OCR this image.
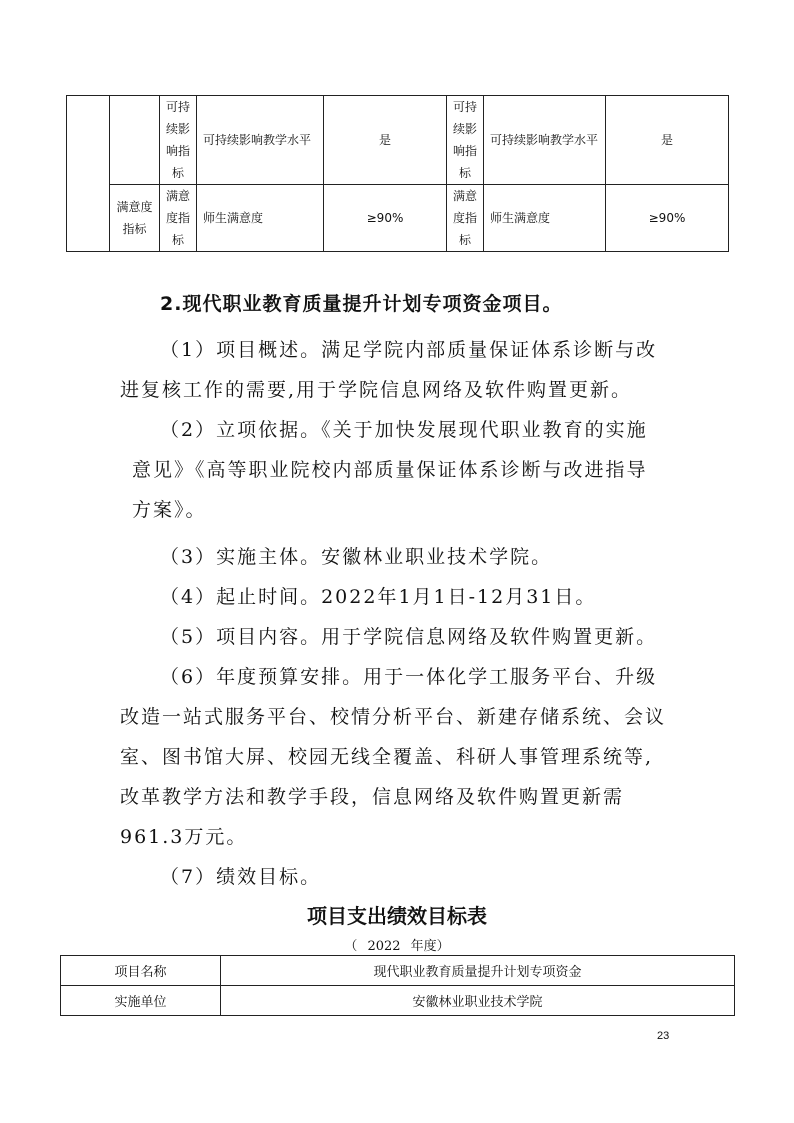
		可持续影响指标	可持续影响教学水平	是	可持续影响指标	可持续影响教学水平	是
	满意度指标	满意度指标	师生满意度	≥90%	满意度指标	师生满意度	≥90%
2.现代职业教育质量提升计划专项资金项目。
（1）项目概述。满足学院内部质量保证体系诊断与改
进复核工作的需要,用于学院信息网络及软件购置更新。
（2）立项依据。《关于加快发展现代职业教育的实施
意见》《高等职业院校内部质量保证体系诊断与改进指导
方案》。
（3）实施主体。安徽林业职业技术学院。
（4）起止时间。2022年1月1日-12月31日。
（5）项目内容。用于学院信息网络及软件购置更新。
（6）年度预算安排。用于一体化学工服务平台、升级
改造一站式服务平台、校情分析平台、新建存储系统、会议
室、图书馆大屏、校园无线全覆盖、科研人事管理系统等,
改革教学方法和教学手段，信息网络及软件购置更新需
961.3万元。
（7）绩效目标。
项目支出绩效目标表
（ 2022 年度）
项目名称	现代职业教育质量提升计划专项资金
实施单位	安徽林业职业技术学院
23
